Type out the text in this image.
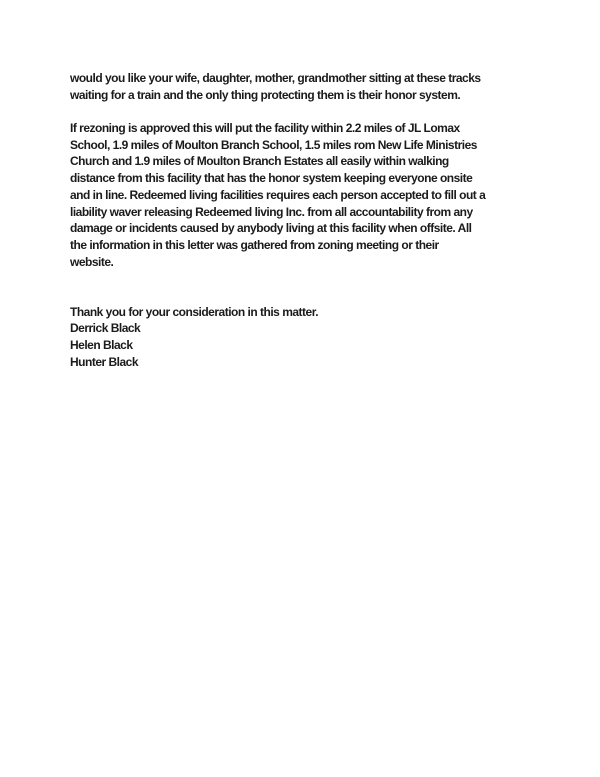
would you like your wife, daughter, mother, grandmother sitting at these tracks
waiting for a train and the only thing protecting them is their honor system.
If rezoning is approved this will put the facility within 2.2 miles of JL Lomax
School, 1.9 miles of Moulton Branch School, 1.5 miles rom New Life Ministries
Church and 1.9 miles of Moulton Branch Estates all easily within walking
distance from this facility that has the honor system keeping everyone onsite
and in line. Redeemed living facilities requires each person accepted to fill out a
liability waver releasing Redeemed living Inc. from all accountability from any
damage or incidents caused by anybody living at this facility when offsite. All
the information in this letter was gathered from zoning meeting or their
website.
Thank you for your consideration in this matter.
Derrick Black
Helen Black
Hunter Black
